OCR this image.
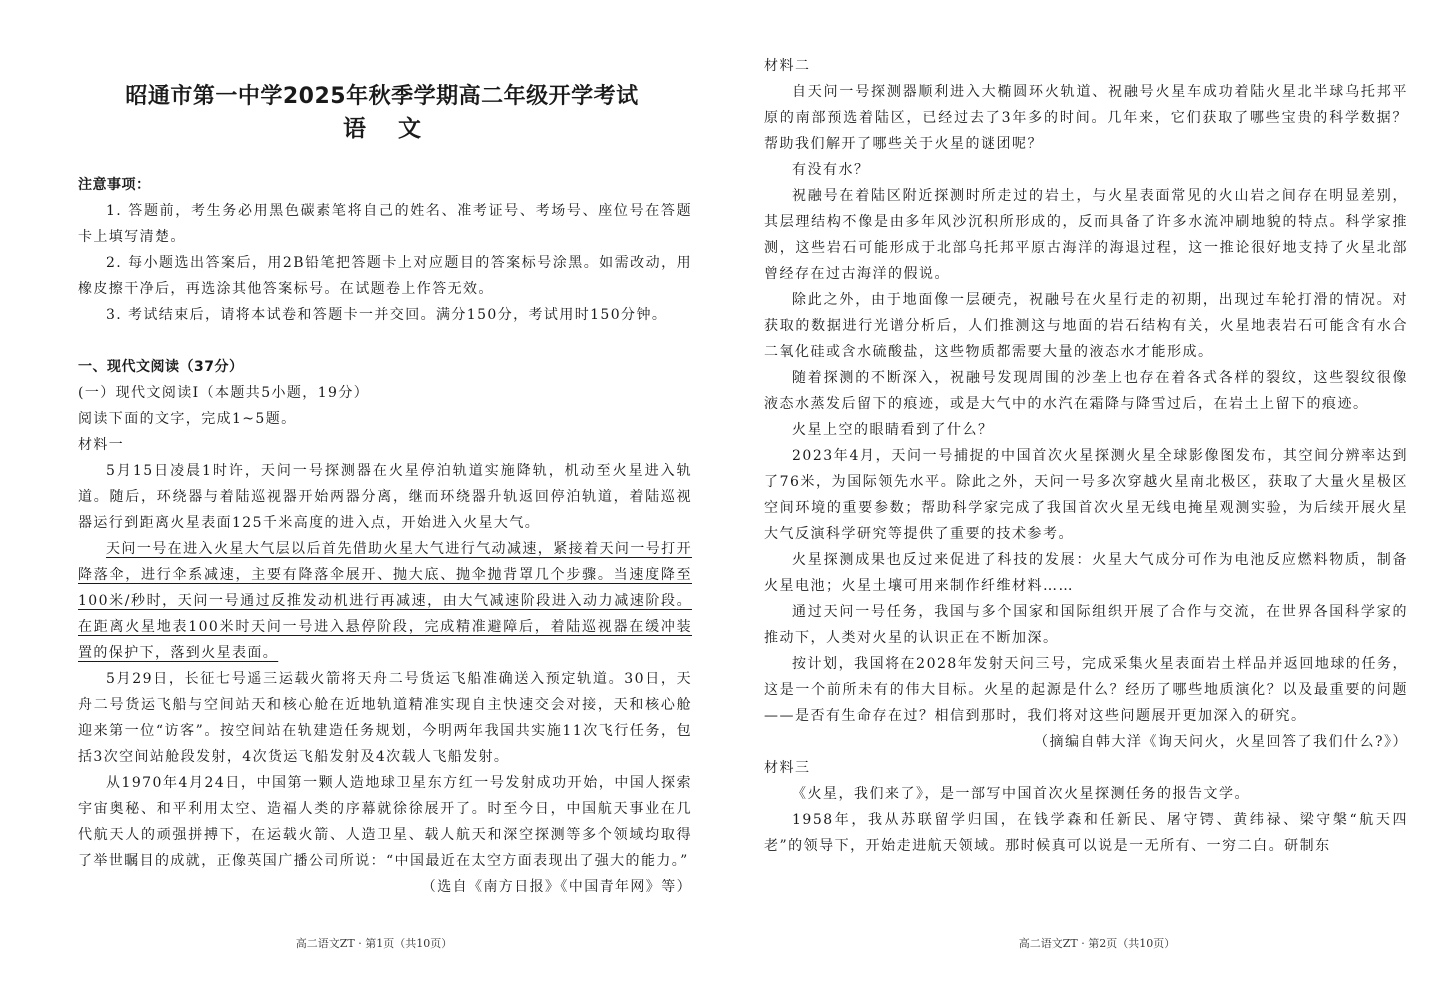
昭通市第一中学2025年秋季学期高二年级开学考试
语 文

注意事项：

1. 答题前，考生务必用黑色碳素笔将自己的姓名、准考证号、考场号、座位号在答题卡上填写清楚。

2. 每小题选出答案后，用2B铅笔把答题卡上对应题目的答案标号涂黑。如需改动，用橡皮擦干净后，再选涂其他答案标号。在试题卷上作答无效。

3. 考试结束后，请将本试卷和答题卡一并交回。满分150分，考试用时150分钟。

一、现代文阅读（37分）

(一）现代文阅读Ⅰ（本题共5小题，19分）

阅读下面的文字，完成1~5题。

材料一

5月15日凌晨1时许，天问一号探测器在火星停泊轨道实施降轨，机动至火星进入轨道。随后，环绕器与着陆巡视器开始两器分离，继而环绕器升轨返回停泊轨道，着陆巡视器运行到距离火星表面125千米高度的进入点，开始进入火星大气。

天问一号在进入火星大气层以后首先借助火星大气进行气动减速，紧接着天问一号打开降落伞，进行伞系减速，主要有降落伞展开、抛大底、抛伞抛背罩几个步骤。当速度降至100米/秒时，天问一号通过反推发动机进行再减速，由大气减速阶段进入动力减速阶段。在距离火星地表100米时天问一号进入悬停阶段，完成精准避障后，着陆巡视器在缓冲装置的保护下，落到火星表面。

5月29日，长征七号遥三运载火箭将天舟二号货运飞船准确送入预定轨道。30日，天舟二号货运飞船与空间站天和核心舱在近地轨道精准实现自主快速交会对接，天和核心舱迎来第一位“访客”。按空间站在轨建造任务规划，今明两年我国共实施11次飞行任务，包括3次空间站舱段发射，4次货运飞船发射及4次载人飞船发射。

从1970年4月24日，中国第一颗人造地球卫星东方红一号发射成功开始，中国人探索宇宙奥秘、和平利用太空、造福人类的序幕就徐徐展开了。时至今日，中国航天事业在几代航天人的顽强拼搏下，在运载火箭、人造卫星、载人航天和深空探测等多个领域均取得了举世瞩目的成就，正像英国广播公司所说：“中国最近在太空方面表现出了强大的能力。”

（选自《南方日报》《中国青年网》等）

高二语文ZT · 第1页（共10页）

材料二

自天问一号探测器顺利进入大椭圆环火轨道、祝融号火星车成功着陆火星北半球乌托邦平原的南部预选着陆区，已经过去了3年多的时间。几年来，它们获取了哪些宝贵的科学数据？帮助我们解开了哪些关于火星的谜团呢？

有没有水？

祝融号在着陆区附近探测时所走过的岩土，与火星表面常见的火山岩之间存在明显差别，其层理结构不像是由多年风沙沉积所形成的，反而具备了许多水流冲刷地貌的特点。科学家推测，这些岩石可能形成于北部乌托邦平原古海洋的海退过程，这一推论很好地支持了火星北部曾经存在过古海洋的假说。

除此之外，由于地面像一层硬壳，祝融号在火星行走的初期，出现过车轮打滑的情况。对获取的数据进行光谱分析后，人们推测这与地面的岩石结构有关，火星地表岩石可能含有水合二氧化硅或含水硫酸盐，这些物质都需要大量的液态水才能形成。

随着探测的不断深入，祝融号发现周围的沙垄上也存在着各式各样的裂纹，这些裂纹很像液态水蒸发后留下的痕迹，或是大气中的水汽在霜降与降雪过后，在岩土上留下的痕迹。

火星上空的眼睛看到了什么？

2023年4月，天问一号捕捉的中国首次火星探测火星全球影像图发布，其空间分辨率达到了76米，为国际领先水平。除此之外，天问一号多次穿越火星南北极区，获取了大量火星极区空间环境的重要参数；帮助科学家完成了我国首次火星无线电掩星观测实验，为后续开展火星大气反演科学研究等提供了重要的技术参考。

火星探测成果也反过来促进了科技的发展：火星大气成分可作为电池反应燃料物质，制备火星电池；火星土壤可用来制作纤维材料……

通过天问一号任务，我国与多个国家和国际组织开展了合作与交流，在世界各国科学家的推动下，人类对火星的认识正在不断加深。

按计划，我国将在2028年发射天问三号，完成采集火星表面岩土样品并返回地球的任务，这是一个前所未有的伟大目标。火星的起源是什么？经历了哪些地质演化？以及最重要的问题——是否有生命存在过？相信到那时，我们将对这些问题展开更加深入的研究。

（摘编自韩大洋《询天问火，火星回答了我们什么?》）

材料三

《火星，我们来了》，是一部写中国首次火星探测任务的报告文学。

1958年，我从苏联留学归国，在钱学森和任新民、屠守锷、黄纬禄、梁守槃“航天四老”的领导下，开始走进航天领域。那时候真可以说是一无所有、一穷二白。研制东

高二语文ZT · 第2页（共10页）
